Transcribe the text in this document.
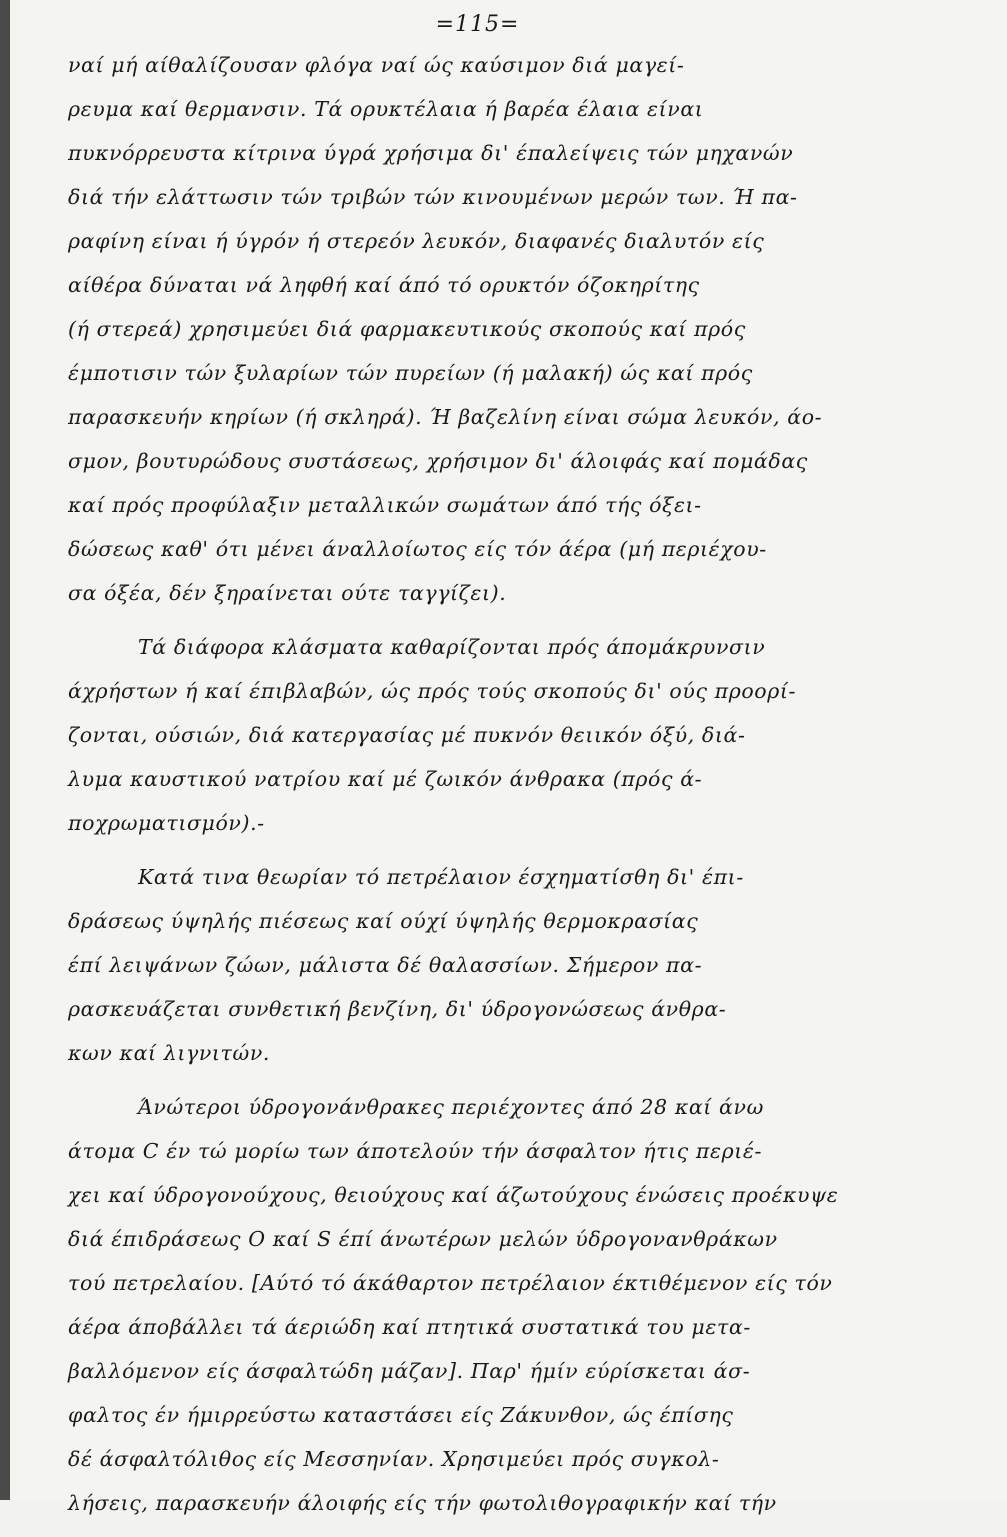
=115=
ναί μή αίθαλίζουσαν φλόγα ναί ώς καύσιμον διά μαγεί-
ρευμα καί θερμανσιν. Τά ορυκτέλαια ή βαρέα έλαια είναι
πυκνόρρευστα κίτρινα ύγρά χρήσιμα δι' έπαλείψεις τών μηχανών
διά τήν ελάττωσιν τών τριβών τών κινουμένων μερών των. Ή πα-
ραφίνη είναι ή ύγρόν ή στερεόν λευκόν, διαφανές διαλυτόν είς
αίθέρα δύναται νά ληφθή καί άπό τό ορυκτόν όζοκηρίτης
(ή στερεά) χρησιμεύει διά φαρμακευτικούς σκοπούς καί πρός
έμποτισιν τών ξυλαρίων τών πυρείων (ή μαλακή) ώς καί πρός
παρασκευήν κηρίων (ή σκληρά). Ή βαζελίνη είναι σώμα λευκόν, άο-
σμον, βουτυρώδους συστάσεως, χρήσιμον δι' άλοιφάς καί πομάδας
καί πρός προφύλαξιν μεταλλικών σωμάτων άπό τής όξει-
δώσεως καθ' ότι μένει άναλλοίωτος είς τόν άέρα (μή περιέχου-
σα όξέα, δέν ξηραίνεται ούτε ταγγίζει).
Τά διάφορα κλάσματα καθαρίζονται πρός άπομάκρυνσιν
άχρήστων ή καί έπιβλαβών, ώς πρός τούς σκοπούς δι' ούς προορί-
ζονται, ούσιών, διά κατεργασίας μέ πυκνόν θειικόν όξύ, διά-
λυμα καυστικού νατρίου καί μέ ζωικόν άνθρακα (πρός ά-
ποχρωματισμόν).-
Κατά τινα θεωρίαν τό πετρέλαιον έσχηματίσθη δι' έπι-
δράσεως ύψηλής πιέσεως καί ούχί ύψηλής θερμοκρασίας
έπί λειψάνων ζώων, μάλιστα δέ θαλασσίων. Σήμερον πα-
ρασκευάζεται συνθετική βενζίνη, δι' ύδρογονώσεως άνθρα-
κων καί λιγνιτών.
Άνώτεροι ύδρογονάνθρακες περιέχοντες άπό 28 καί άνω
άτομα C έν τώ μορίω των άποτελούν τήν άσφαλτον ήτις περιέ-
χει καί ύδρογονούχους, θειούχους καί άζωτούχους ένώσεις προέκυψε
διά έπιδράσεως Ο καί S έπί άνωτέρων μελών ύδρογονανθράκων
τού πετρελαίου. [Αύτό τό άκάθαρτον πετρέλαιον έκτιθέμενον είς τόν
άέρα άποβάλλει τά άεριώδη καί πτητικά συστατικά του μετα-
βαλλόμενον είς άσφαλτώδη μάζαν]. Παρ' ήμίν εύρίσκεται άσ-
φαλτος έν ήμιρρεύστω καταστάσει είς Ζάκυνθον, ώς έπίσης
δέ άσφαλτόλιθος είς Μεσσηνίαν. Χρησιμεύει πρός συγκολ-
λήσεις, παρασκευήν άλοιφής είς τήν φωτολιθογραφικήν καί τήν
